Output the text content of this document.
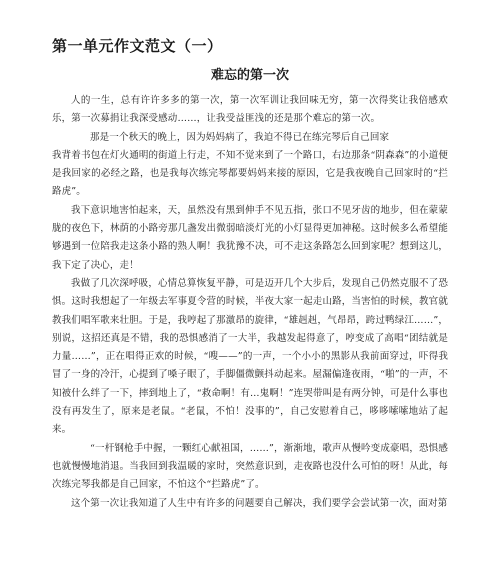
第一单元作文范文（一）
难忘的第一次

人的一生，总有许许多多的第一次，第一次军训让我回味无穷，第一次得奖让我倍感欢乐，第一次募捐让我深受感动……，让我受益匪浅的还是那个难忘的第一次。

那是一个秋天的晚上，因为妈妈病了，我迫不得已在练完琴后自己回家

我背着书包在灯火通明的街道上行走，不知不觉来到了一个路口，右边那条“阴森森”的小道便是我回家的必经之路，也是我每次练完琴都要妈妈来接的原因，它是我夜晚自己回家时的“拦路虎”。

我下意识地害怕起来，天，虽然没有黑到伸手不见五指，张口不见牙齿的地步，但在蒙蒙胧的夜色下，林荫的小路旁那几盏发出微弱暗淡灯光的小灯显得更加神秘。这时候多么希望能够遇到一位陪我走这条小路的熟人啊！我犹豫不决，可不走这条路怎么回到家呢？想到这儿，我下定了决心，走！

我做了几次深呼吸，心情总算恢复平静，可是迈开几个大步后，发现自己仍然克服不了恐惧。这时我想起了一年级去军事夏令营的时候，半夜大家一起走山路，当害怕的时候，教官就教我们唱军歌来壮胆。于是，我哼起了那激昂的旋律，“雄赳赳，气昂昂，跨过鸭绿江……”，别说，这招还真是不错，我的恐惧感消了一大半，我越发起得意了，哼变成了高唱“团结就是力量……”，正在唱得正欢的时候，“嗖——”的一声，一个小小的黑影从我前面穿过，吓得我冒了一身的冷汗，心提到了嗓子眼了，手脚僵微颤抖动起来。屋漏偏逢夜雨，“啪”的一声，不知被什么绊了一下，摔到地上了，“救命啊！有…鬼啊！”连哭带叫是有两分钟，可是什么事也没有再发生了，原来是老鼠。“老鼠，不怕！没事的”，自己安慰着自己，哆哆嗦嗦地站了起来。

“一杆钢枪手中握，一颗红心献祖国，……”，渐渐地，歌声从慢吟变成豪唱，恐惧感也就慢慢地消退。当我回到我温暖的家时，突然意识到，走夜路也没什么可怕的呀！从此，每次练完琴我都是自己回家，不怕这个“拦路虎”了。

这个第一次让我知道了人生中有许多的问题要自己解决，我们要学会尝试第一次，面对第
